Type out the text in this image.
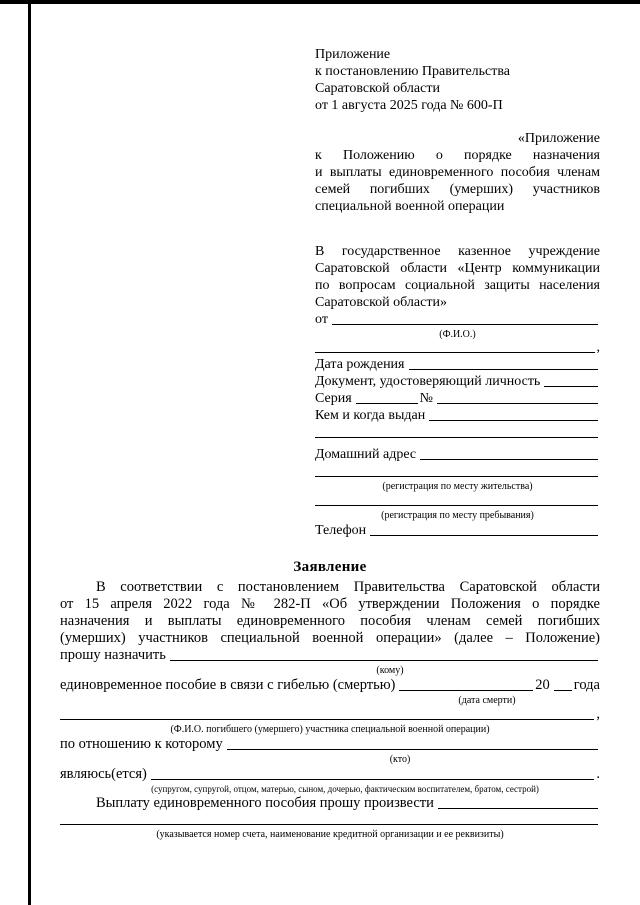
Приложение
к постановлению Правительства
Саратовской области
от 1 августа 2025 года № 600-П
«Приложение
к Положению о порядке назначения
и выплаты единовременного пособия членам
семей погибших (умерших) участников
специальной военной операции
В государственное казенное учреждение
Саратовской области «Центр коммуникации
по вопросам социальной защиты населения
Саратовской области»
от
(Ф.И.О.)
,
Дата рождения
Документ, удостоверяющий личность
Серия	№
Кем и когда выдан
Домашний адрес
(регистрация по месту жительства)
(регистрация по месту пребывания)
Телефон
Заявление
В соответствии с постановлением Правительства Саратовской области
от 15 апреля 2022 года № 282-П «Об утверждении Положения о порядке
назначения и выплаты единовременного пособия членам семей погибших
(умерших) участников специальной военной операции» (далее – Положение)
прошу назначить
(кому)
единовременное пособие в связи с гибелью (смертью)	20 года
(дата смерти)
,
(Ф.И.О. погибшего (умершего) участника специальной военной операции)
по отношению к которому
(кто)
являюсь(ется)	.
(супругом, супругой, отцом, матерью, сыном, дочерью, фактическим воспитателем, братом, сестрой)
Выплату единовременного пособия прошу произвести
(указывается номер счета, наименование кредитной организации и ее реквизиты)
